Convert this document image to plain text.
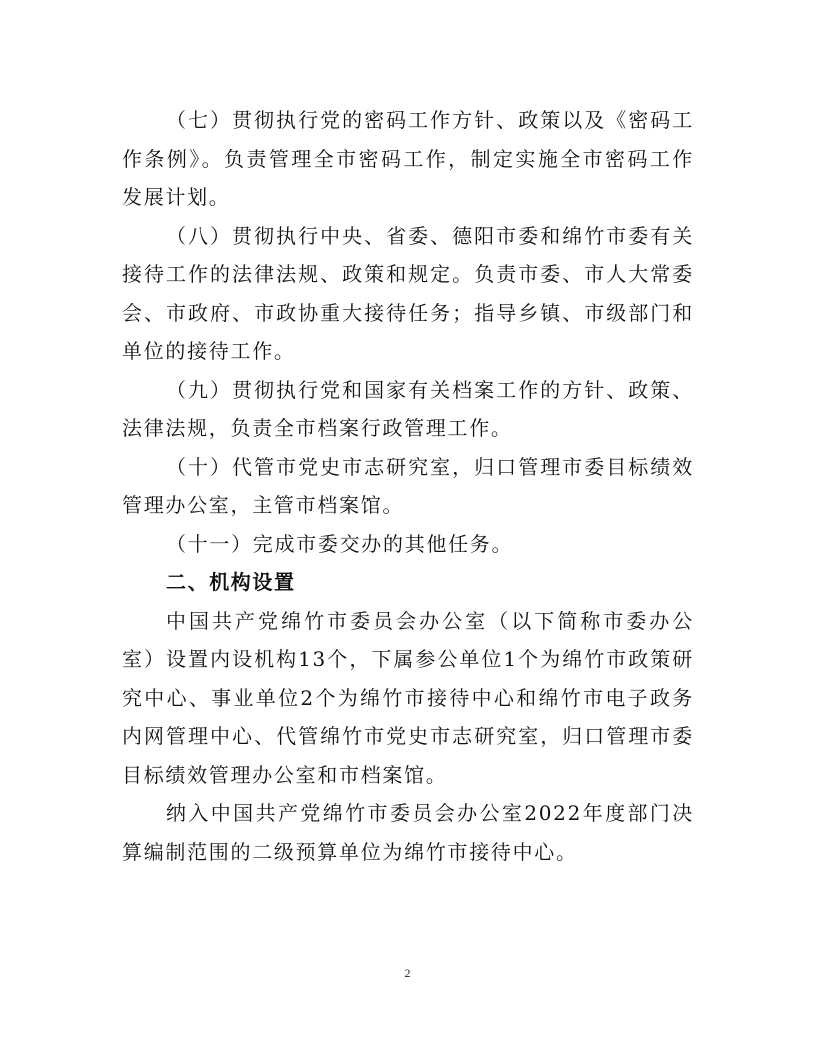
（七）贯彻执行党的密码工作方针、政策以及《密码工作条例》。负责管理全市密码工作，制定实施全市密码工作发展计划。

（八）贯彻执行中央、省委、德阳市委和绵竹市委有关接待工作的法律法规、政策和规定。负责市委、市人大常委会、市政府、市政协重大接待任务；指导乡镇、市级部门和单位的接待工作。

（九）贯彻执行党和国家有关档案工作的方针、政策、法律法规，负责全市档案行政管理工作。

（十）代管市党史市志研究室，归口管理市委目标绩效管理办公室，主管市档案馆。

（十一）完成市委交办的其他任务。

二、机构设置

中国共产党绵竹市委员会办公室（以下简称市委办公室）设置内设机构13个，下属参公单位1个为绵竹市政策研究中心、事业单位2个为绵竹市接待中心和绵竹市电子政务内网管理中心、代管绵竹市党史市志研究室，归口管理市委目标绩效管理办公室和市档案馆。

纳入中国共产党绵竹市委员会办公室2022年度部门决算编制范围的二级预算单位为绵竹市接待中心。

2
